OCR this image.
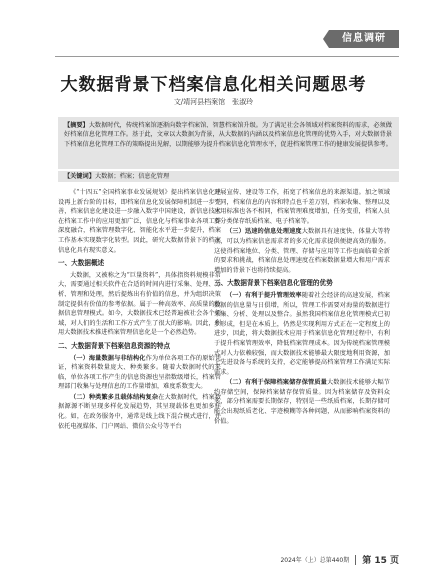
信息调研
大数据背景下档案信息化相关问题思考
文/靖河县档案馆　张淑玲
【摘要】大数据时代，传统档案馆逐渐向数字档案馆、智慧档案馆升级。为了满足社会各领域对档案资料的需求，必须做好档案信息化管理工作。基于此，文章以大数据为背景，从大数据的内涵以及档案信息化管理的优势入手，对大数据背景下档案信息化管理工作的策略提出见解，以期能够为提升档案信息化管理水平，促进档案管理工作的健康发展提供参考。
【关键词】大数据；档案；信息化管理

《“十四五”全国档案事业发展规划》提出档案信息化建设再上新台阶的目标，即档案信息化发展保障机制进一步完善，档案信息化建设进一步融入数字中国建设，新信息技术在档案工作中的应用更加广泛，信息化与档案事业各项工作深度融合，档案管理数字化、智能化水平进一步提升，档案工作基本实现数字化转型。因此，研究大数据背景下的档案信息化具有现实意义。

一、大数据概述

大数据，又被称之为“巨量资料”，具体指资料规模非常大，需要通过相关软件在合适的时间内进行采集、处理、分析、管理和处理，然后提炼出有价值的信息，并为组织决策制定提供有价值的参考依据。属于一种高效率、高质量的数据信息管理模式。如今，大数据技术已经普遍被社会各个领域，对人们的生活和工作方式产生了很大的影响。因此，利用大数据技术推进档案管理信息化是一个必然趋势。

二、大数据背景下档案信息资源的特点

（一）海量数据与非结构化作为单位各项工作的原始凭证，档案资料数量庞大、种类繁多。随着大数据时代的来临，单位各项工作产生的信息资源也呈指数级增长，档案管理部门收集与处理信息的工作量增加，难度系数变大。

（二）种类繁多且载体结构复杂在大数据时代，档案数据源源不断呈现多样化发展趋势，其呈现载体也更加多样化。如，在政务服务中，通常是线上线下混合模式进行，并依托电视媒体、门户网站、微信公众号等平台

开展宣传、建设等工作，拓宽了档案信息的来源渠道。加之领域不同，档案信息的内容和特点也千差万别，档案收集、整理以及应用标准也各不相同，档案管理难度增加，任务变重，档案人员要分类保存纸质档案、电子档案等。

（三）迅速的信息处理速度大数据具有速度快、体量大等特点，可以为档案信息需求者的多元化需求提供便捷高效的服务。这使得档案地位、分类、管理、存储与应用等工作也面临着全新的要求和挑战，档案信息处理速度在档案数据量增大和用户需求增加的背景下也将持续提高。

三、大数据背景下档案信息化管理的优势

（一）有利于提升管理效率随着社会经济的高速发展，档案数据的信息量与日俱增，所以，管理工作需要对海量的数据进行采集、分析、处理以及整合。虽然我国档案信息化管理模式已初步形成，但是在本质上，仍然是实现利用方式正在一定程度上的进步，因此，将大数据技术应用于档案信息化管理过程中，有利于提升档案管理效率，降低档案管理成本。因为传统档案管理模式对人力依赖较强，而大数据技术能够最大限度地利用资源，加上先进设备与系统的支持，必定能够提高档案管理工作满足实际需求。

（二）有利于保障档案储存保管质量大数据技术能够大幅节约存储空间，保障档案储存保管质量。因为档案储存及资料众多，部分档案需要长期保存，特别是一些纸质档案，长期存储可能会出现纸质老化、字迹模糊等各种问题，从而影响档案资料的价值。

2024年（上）总第440期 第 15 页
